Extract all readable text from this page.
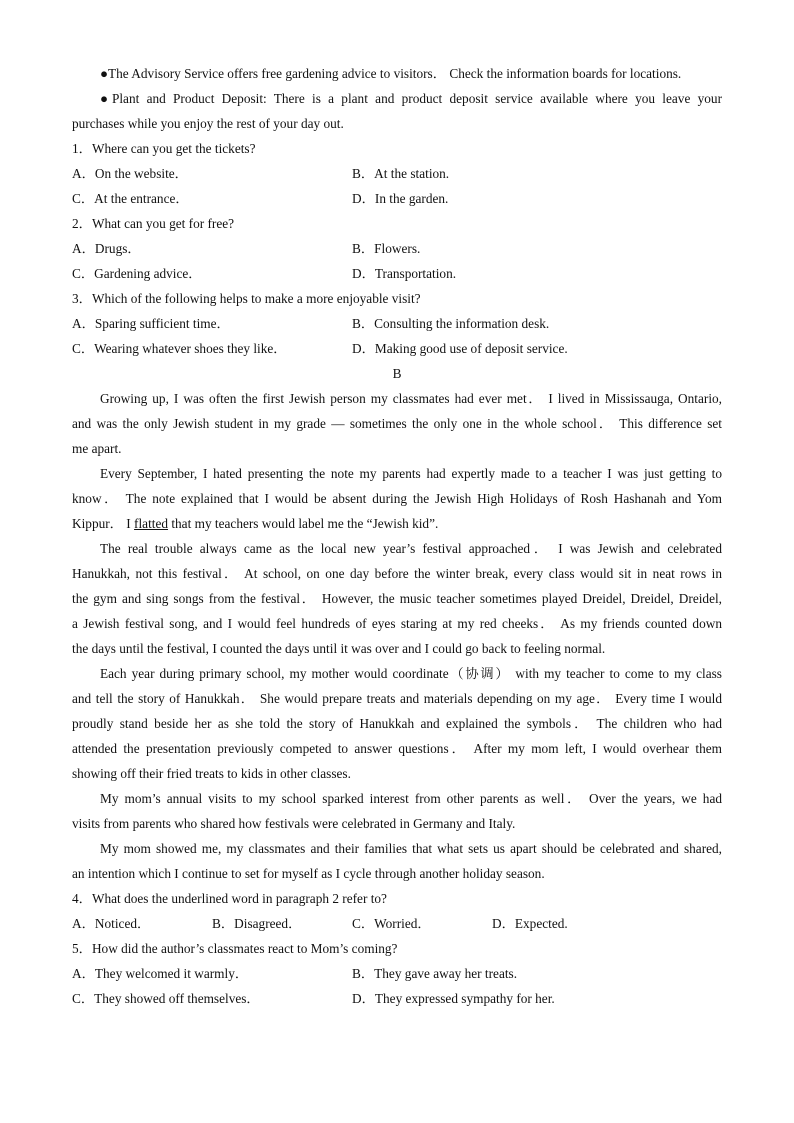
●The Advisory Service offers free gardening advice to visitors． Check the information boards for locations.
●Plant and Product Deposit: There is a plant and product deposit service available where you leave your
purchases while you enjoy the rest of your day out.
1．Where can you get the tickets?
A．On the website．	B．At the station.
C．At the entrance．	D．In the garden.
2．What can you get for free?
A．Drugs．	B．Flowers.
C．Gardening advice．	D．Transportation.
3．Which of the following helps to make a more enjoyable visit?
A．Sparing sufficient time．	B．Consulting the information desk.
C．Wearing whatever shoes they like．	D．Making good use of deposit service.
B
Growing up, I was often the first Jewish person my classmates had ever met． I lived in Mississauga, Ontario,
and was the only Jewish student in my grade — sometimes the only one in the whole school． This difference set
me apart.
Every September, I hated presenting the note my parents had expertly made to a teacher I was just getting to
know． The note explained that I would be absent during the Jewish High Holidays of Rosh Hashanah and Yom
Kippur． I flatted that my teachers would label me the “Jewish kid”.
The real trouble always came as the local new year’s festival approached． I was Jewish and celebrated
Hanukkah, not this festival． At school, on one day before the winter break, every class would sit in neat rows in
the gym and sing songs from the festival． However, the music teacher sometimes played Dreidel, Dreidel, Dreidel,
a Jewish festival song, and I would feel hundreds of eyes staring at my red cheeks． As my friends counted down
the days until the festival, I counted the days until it was over and I could go back to feeling normal.
Each year during primary school, my mother would coordinate（协调） with my teacher to come to my class
and tell the story of Hanukkah． She would prepare treats and materials depending on my age． Every time I would
proudly stand beside her as she told the story of Hanukkah and explained the symbols． The children who had
attended the presentation previously competed to answer questions． After my mom left, I would overhear them
showing off their fried treats to kids in other classes.
My mom’s annual visits to my school sparked interest from other parents as well． Over the years, we had
visits from parents who shared how festivals were celebrated in Germany and Italy.
My mom showed me, my classmates and their families that what sets us apart should be celebrated and shared,
an intention which I continue to set for myself as I cycle through another holiday season.
4．What does the underlined word in paragraph 2 refer to?
A．Noticed．	B．Disagreed．	C．Worried．	D．Expected.
5．How did the author’s classmates react to Mom’s coming?
A．They welcomed it warmly．	B．They gave away her treats.
C．They showed off themselves．	D．They expressed sympathy for her.
